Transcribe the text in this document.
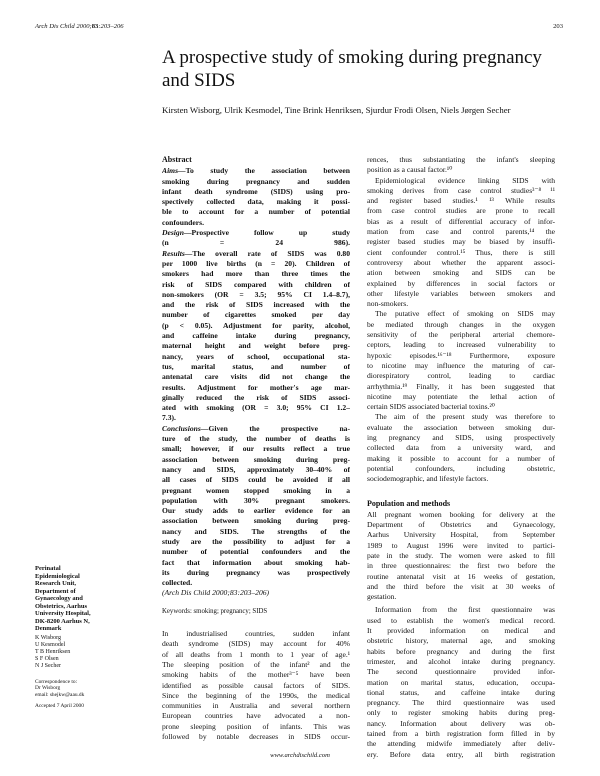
Arch Dis Child 2000;83:203–206	203
A prospective study of smoking during pregnancy and SIDS
Kirsten Wisborg, Ulrik Kesmodel, Tine Brink Henriksen, Sjurdur Frodi Olsen, Niels Jørgen Secher
Perinatal
Epidemiological
Research Unit,
Department of
Gynaecology and
Obstetrics, Aarhus
University Hospital,
DK-8200 Aarhus N,
Denmark
K Wisborg
U Kesmodel
T B Henriksen
S F Olsen
N J Secher
Correspondence to:
Dr Wisborg
email: shejkw@aau.dk
Accepted 7 April 2000
Abstract
Aims—To study the association between
smoking during pregnancy and sudden
infant death syndrome (SIDS) using pro-
spectively collected data, making it possi-
ble to account for a number of potential
confounders.
Design—Prospective follow up study
(n = 24 986).
Results—The overall rate of SIDS was 0.80
per 1000 live births (n = 20). Children of
smokers had more than three times the
risk of SIDS compared with children of
non-smokers (OR = 3.5; 95% CI 1.4–8.7),
and the risk of SIDS increased with the
number of cigarettes smoked per day
(p < 0.05). Adjustment for parity, alcohol,
and caffeine intake during pregnancy,
maternal height and weight before preg-
nancy, years of school, occupational sta-
tus, marital status, and number of
antenatal care visits did not change the
results. Adjustment for mother's age mar-
ginally reduced the risk of SIDS associ-
ated with smoking (OR = 3.0; 95% CI 1.2–
7.3).
Conclusions—Given the prospective na-
ture of the study, the number of deaths is
small; however, if our results reflect a true
association between smoking during preg-
nancy and SIDS, approximately 30–40% of
all cases of SIDS could be avoided if all
pregnant women stopped smoking in a
population with 30% pregnant smokers.
Our study adds to earlier evidence for an
association between smoking during preg-
nancy and SIDS. The strengths of the
study are the possibility to adjust for a
number of potential confounders and the
fact that information about smoking hab-
its during pregnancy was prospectively
collected.
(Arch Dis Child 2000;83:203–206)
Keywords: smoking; pregnancy; SIDS
In industrialised countries, sudden infant
death syndrome (SIDS) may account for 40%
of all deaths from 1 month to 1 year of age.¹
The sleeping position of the infant² and the
smoking habits of the mother³⁻⁵ have been
identified as possible causal factors of SIDS.
Since the beginning of the 1990s, the medical
communities in Australia and several northern
European countries have advocated a non-
prone sleeping position of infants. This was
followed by notable decreases in SIDS occur-
rences, thus substantiating the infant's sleeping
position as a causal factor.¹⁰
Epidemiological evidence linking SIDS with
smoking derives from case control studies³⁻⁸ ¹¹
and register based studies.¹ ¹³ While results
from case control studies are prone to recall
bias as a result of differential accuracy of infor-
mation from case and control parents,¹⁴ the
register based studies may be biased by insuffi-
cient confounder control.¹⁵ Thus, there is still
controversy about whether the apparent associ-
ation between smoking and SIDS can be
explained by differences in social factors or
other lifestyle variables between smokers and
non-smokers.
The putative effect of smoking on SIDS may
be mediated through changes in the oxygen
sensitivity of the peripheral arterial chemore-
ceptors, leading to increased vulnerability to
hypoxic episodes.¹⁶⁻¹⁸ Furthermore, exposure
to nicotine may influence the maturing of car-
diorespiratory control, leading to cardiac
arrhythmia.¹⁹ Finally, it has been suggested that
nicotine may potentiate the lethal action of
certain SIDS associated bacterial toxins.²⁰
The aim of the present study was therefore to
evaluate the association between smoking dur-
ing pregnancy and SIDS, using prospectively
collected data from a university ward, and
making it possible to account for a number of
potential confounders, including obstetric,
sociodemographic, and lifestyle factors.
Population and methods
All pregnant women booking for delivery at the
Department of Obstetrics and Gynaecology,
Aarhus University Hospital, from September
1989 to August 1996 were invited to partici-
pate in the study. The women were asked to fill
in three questionnaires: the first two before the
routine antenatal visit at 16 weeks of gestation,
and the third before the visit at 30 weeks of
gestation.
Information from the first questionnaire was
used to establish the women's medical record.
It provided information on medical and
obstetric history, maternal age, and smoking
habits before pregnancy and during the first
trimester, and alcohol intake during pregnancy.
The second questionnaire provided infor-
mation on marital status, education, occupa-
tional status, and caffeine intake during
pregnancy. The third questionnaire was used
only to register smoking habits during preg-
nancy. Information about delivery was ob-
tained from a birth registration form filled in by
the attending midwife immediately after deliv-
ery. Before data entry, all birth registration
www.archdischild.com
